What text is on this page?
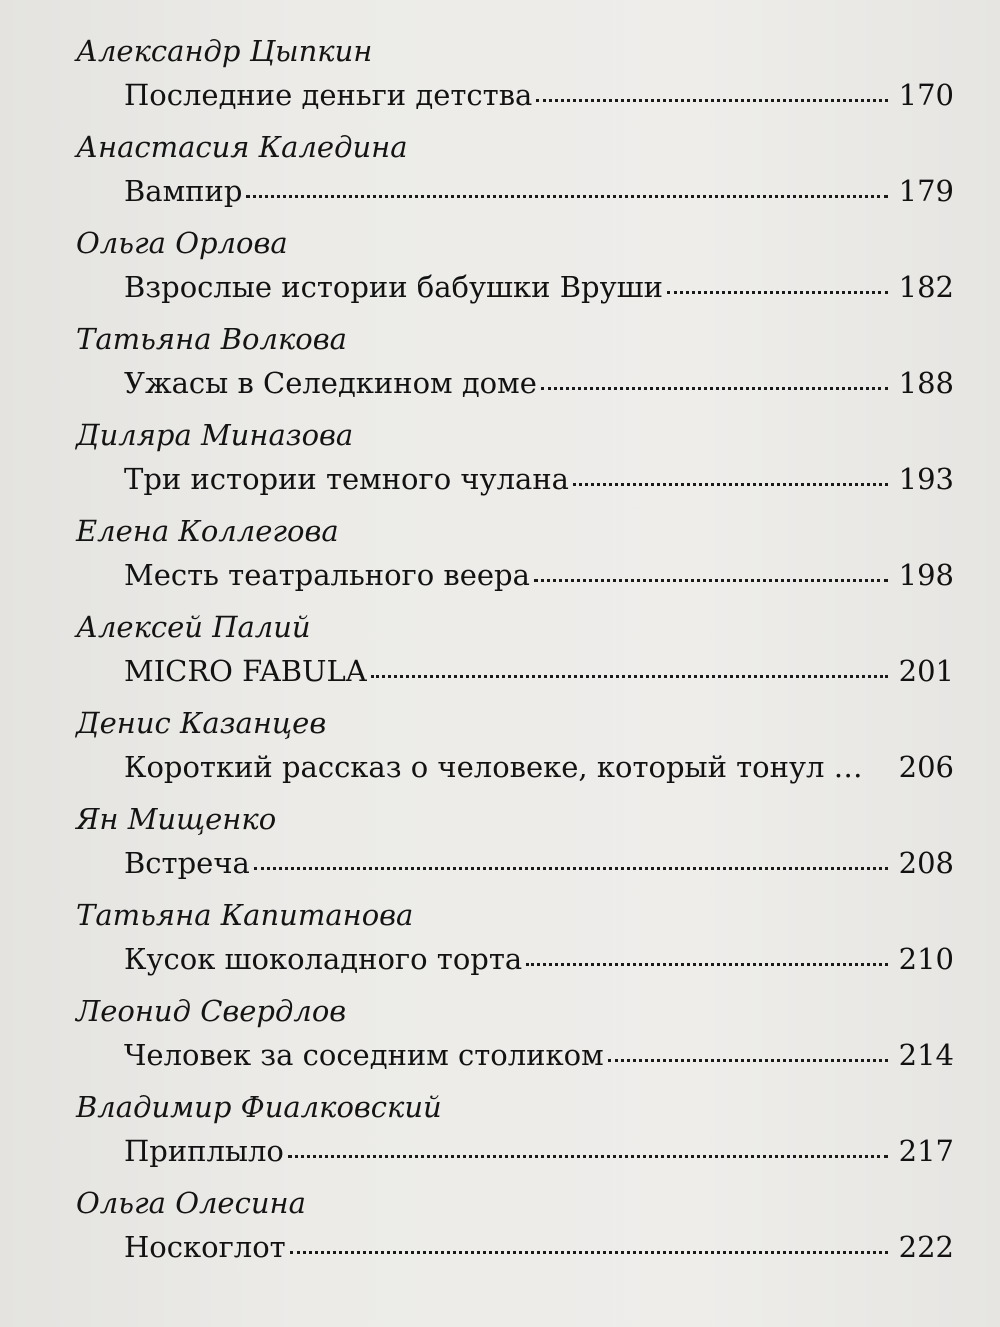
Александр Цыпкин
Последние деньги детства	170
Анастасия Каледина
Вампир	179
Ольга Орлова
Взрослые истории бабушки Вруши	182
Татьяна Волкова
Ужасы в Селедкином доме	188
Диляра Миназова
Три истории темного чулана	193
Елена Коллегова
Месть театрального веера	198
Алексей Палий
MICRO FABULA	201
Денис Казанцев
Короткий рассказ о человеке, который тонул … 206
Ян Мищенко
Встреча	208
Татьяна Капитанова
Кусок шоколадного торта	210
Леонид Свердлов
Человек за соседним столиком	214
Владимир Фиалковский
Приплыло	217
Ольга Олесина
Носкоглот	222
